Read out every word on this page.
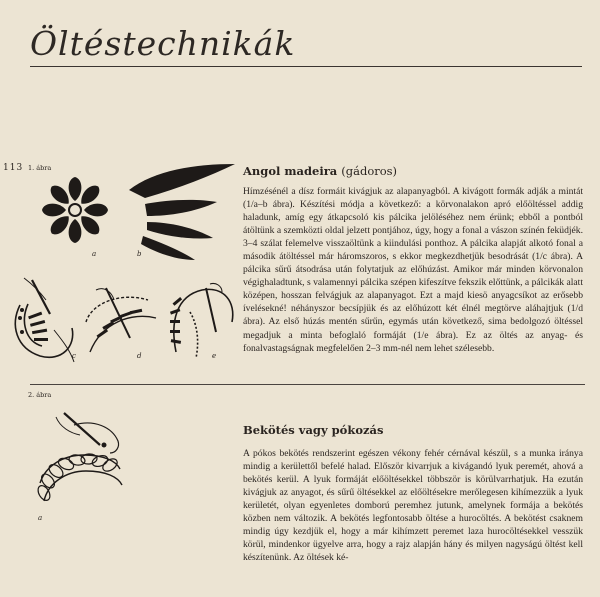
Öltéstechnikák
113 1. ábra
a	b
c	d	e
Angol madeira (gádoros)
Hímzésénél a dísz formáit kivágjuk az alapanyagból. A kivágott formák adják a mintát (1/a–b ábra). Készítési módja a következő: a körvonalakon apró előöltéssel addig haladunk, amíg egy átkapcsoló kis pálcika jelöléséhez nem érünk; ebből a pontból átöltünk a szemközti oldal jelzett pontjához, úgy, hogy a fonal a vászon színén feküdjék. 3–4 szálat felemelve visszaöltünk a kiindulási ponthoz. A pálcika alapját alkotó fonal a második átöltéssel már háromszoros, s ekkor megkezdhetjük besodrását (1/c ábra). A pálcika sűrű átsodrása után folytatjuk az előhúzást. Amikor már minden körvonalon végighaladtunk, s valamennyi pálcika szépen kifeszítve fekszik előttünk, a pálcikák alatt középen, hosszan felvágjuk az alapanyagot. Ezt a majd kiesö anyagcsíkot az erősebb ívelésekné! néhányszor becsípjük és az előhúzott két élnél megtörve aláhajtjuk (1/d ábra). Az első húzás mentén sűrűn, egymás után következő, sima bedolgozó öltéssel megadjuk a minta befoglaló formáját (1/e ábra). Ez az öltés az anyag- és fonalvastagságnak megfelelően 2–3 mm-nél nem lehet szélesebb.
2. ábra
a
Bekötés vagy pókozás
A pókos bekötés rendszerint egészen vékony fehér cérnával készül, s a munka iránya mindig a kerülettől befelé halad. Először kivarrjuk a kivágandó lyuk peremét, ahová a bekötés kerül. A lyuk formáját előöltésekkel többször is körülvarrhatjuk. Ha ezután kivágjuk az anyagot, és sűrű öltésekkel az előöltésekre merőlegesen kihímezzük a lyuk kerületét, olyan egyenletes domború peremhez jutunk, amelynek formája a bekötés közben nem változik. A bekötés legfontosabb öltése a hurocöltés. A bekötést csaknem mindig úgy kezdjük el, hogy a már kihímzett peremet laza hurocöltésekkel vesszük körül, mindenkor ügyelve arra, hogy a rajz alapján hány és milyen nagyságú öltést kell készítenünk. Az öltések ké-
